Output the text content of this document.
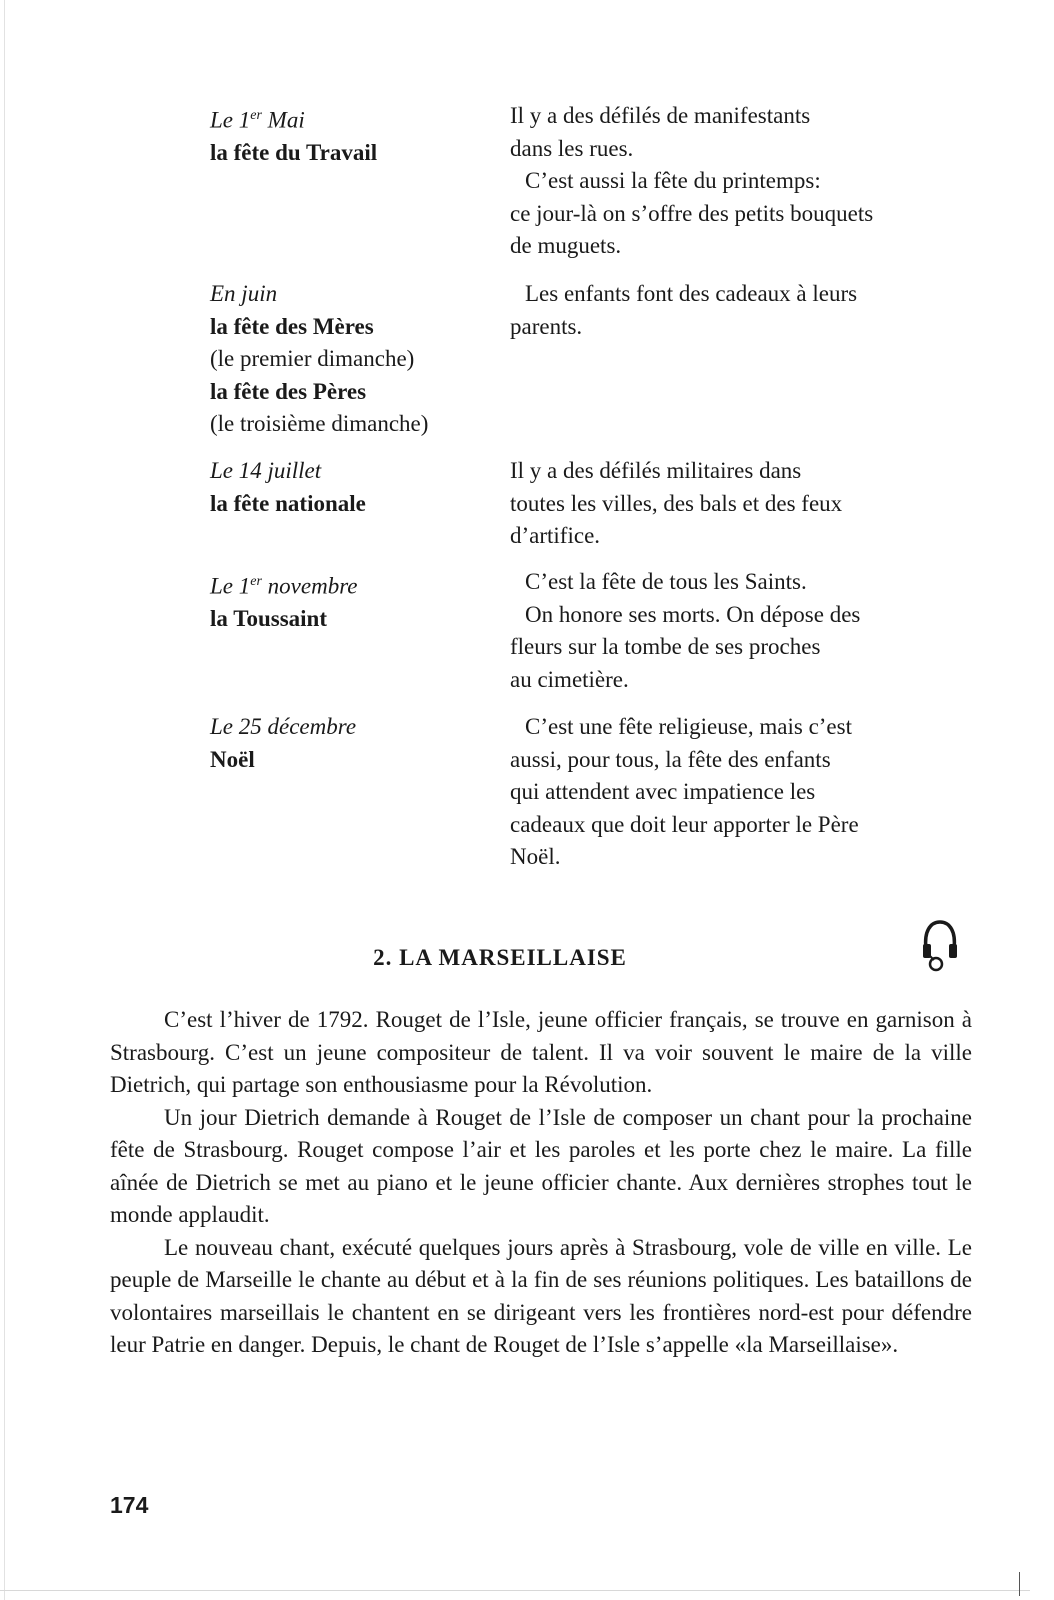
Le 1er Mai
la fête du Travail
Il y a des défilés de manifestants
dans les rues.
C’est aussi la fête du printemps:
ce jour-là on s’offre des petits bouquets
de muguets.
En juin
la fête des Mères
(le premier dimanche)
la fête des Pères
(le troisième dimanche)
Les enfants font des cadeaux à leurs
parents.
Le 14 juillet
la fête nationale
Il y a des défilés militaires dans
toutes les villes, des bals et des feux
d’artifice.
Le 1er novembre
la Toussaint
C’est la fête de tous les Saints.
On honore ses morts. On dépose des
fleurs sur la tombe de ses proches
au cimetière.
Le 25 décembre
Noël
C’est une fête religieuse, mais c’est
aussi, pour tous, la fête des enfants
qui attendent avec impatience les
cadeaux que doit leur apporter le Père
Noël.
2. LA MARSEILLAISE

C’est l’hiver de 1792. Rouget de l’Isle, jeune officier français, se trouve en garnison à Strasbourg. C’est un jeune compositeur de talent. Il va voir souvent le maire de la ville Dietrich, qui partage son enthousiasme pour la Révolution.

Un jour Dietrich demande à Rouget de l’Isle de composer un chant pour la prochaine fête de Strasbourg. Rouget compose l’air et les paroles et les porte chez le maire. La fille aînée de Dietrich se met au piano et le jeune officier chante. Aux dernières strophes tout le monde applaudit.

Le nouveau chant, exécuté quelques jours après à Strasbourg, vole de ville en ville. Le peuple de Marseille le chante au début et à la fin de ses réunions politiques. Les bataillons de volontaires marseillais le chantent en se dirigeant vers les frontières nord-est pour défendre leur Patrie en danger. Depuis, le chant de Rouget de l’Isle s’appelle «la Marseillaise».

174
